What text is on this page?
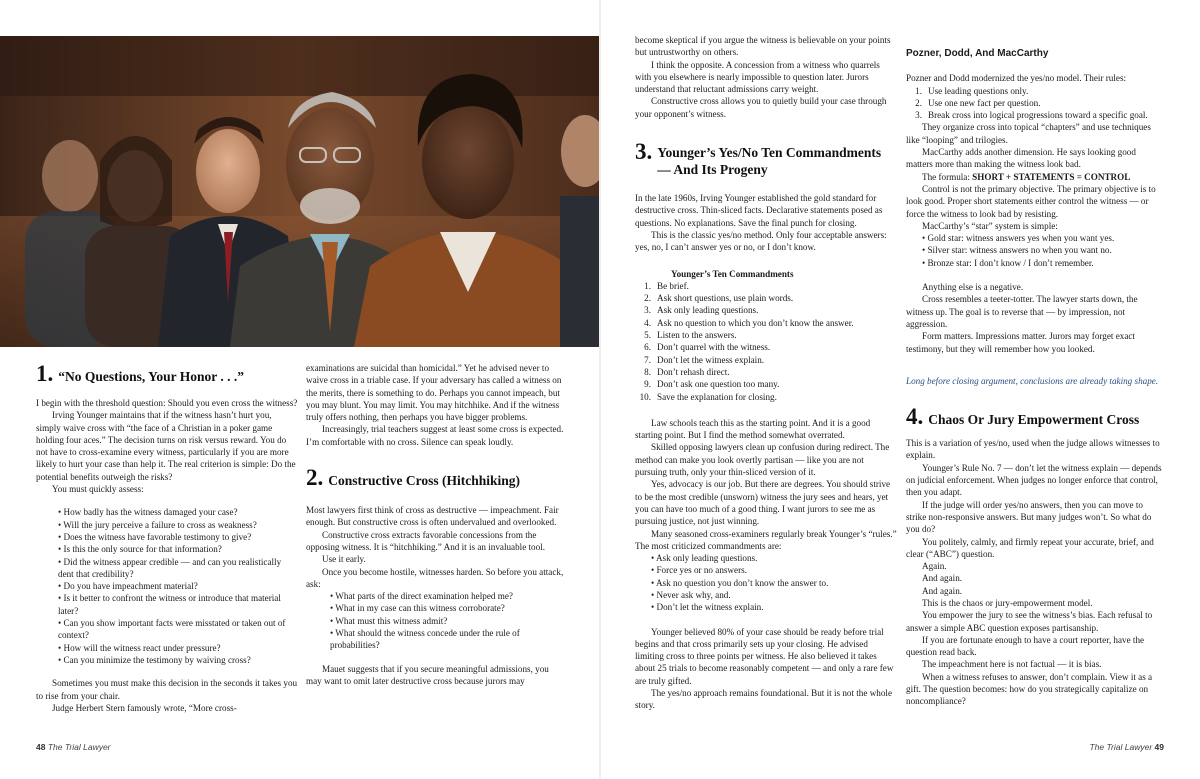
1. “No Questions, Your Honor . . .”

I begin with the threshold question: Should you even cross the witness?

Irving Younger maintains that if the witness hasn’t hurt you, simply waive cross with “the face of a Christian in a poker game holding four aces.” The decision turns on risk versus reward. You do not have to cross-examine every witness, particularly if you are more likely to hurt your case than help it. The real criterion is simple: Do the potential benefits outweigh the risks?

You must quickly assess:

• How badly has the witness damaged your case?
• Will the jury perceive a failure to cross as weakness?
• Does the witness have favorable testimony to give?
• Is this the only source for that information?
• Did the witness appear credible — and can you realistically dent that credibility?
• Do you have impeachment material?
• Is it better to confront the witness or introduce that material later?
• Can you show important facts were misstated or taken out of context?
• How will the witness react under pressure?
• Can you minimize the testimony by waiving cross?

Sometimes you must make this decision in the seconds it takes you to rise from your chair.

Judge Herbert Stern famously wrote, “More cross-

examinations are suicidal than homicidal.” Yet he advised never to waive cross in a triable case. If your adversary has called a witness on the merits, there is something to do. Perhaps you cannot impeach, but you may blunt. You may limit. You may hitchhike. And if the witness truly offers nothing, then perhaps you have bigger problems.

Increasingly, trial teachers suggest at least some cross is expected. I’m comfortable with no cross. Silence can speak loudly.

2. Constructive Cross (Hitchhiking)

Most lawyers first think of cross as destructive — impeachment. Fair enough. But constructive cross is often undervalued and overlooked.

Constructive cross extracts favorable concessions from the opposing witness. It is “hitchhiking.” And it is an invaluable tool.

Use it early.

Once you become hostile, witnesses harden. So before you attack, ask:

• What parts of the direct examination helped me?
• What in my case can this witness corroborate?
• What must this witness admit?
• What should the witness concede under the rule of probabilities?

Mauet suggests that if you secure meaningful admissions, you may want to omit later destructive cross because jurors may

48 The Trial Lawyer

become skeptical if you argue the witness is believable on your points but untrustworthy on others.

I think the opposite. A concession from a witness who quarrels with you elsewhere is nearly impossible to question later. Jurors understand that reluctant admissions carry weight.

Constructive cross allows you to quietly build your case through your opponent’s witness.

3. Younger’s Yes/No Ten Commandments — And Its Progeny

In the late 1960s, Irving Younger established the gold standard for destructive cross. Thin-sliced facts. Declarative statements posed as questions. No explanations. Save the final punch for closing.

This is the classic yes/no method. Only four acceptable answers: yes, no, I can’t answer yes or no, or I don’t know.

Younger’s Ten Commandments

1. Be brief.
2. Ask short questions, use plain words.
3. Ask only leading questions.
4. Ask no question to which you don’t know the answer.
5. Listen to the answers.
6. Don’t quarrel with the witness.
7. Don’t let the witness explain.
8. Don’t rehash direct.
9. Don’t ask one question too many.
10. Save the explanation for closing.

Law schools teach this as the starting point. And it is a good starting point. But I find the method somewhat overrated.

Skilled opposing lawyers clean up confusion during redirect. The method can make you look overtly partisan — like you are not pursuing truth, only your thin-sliced version of it.

Yes, advocacy is our job. But there are degrees. You should strive to be the most credible (unsworn) witness the jury sees and hears, yet you can have too much of a good thing. I want jurors to see me as pursuing justice, not just winning.

Many seasoned cross-examiners regularly break Younger’s “rules.” The most criticized commandments are:

• Ask only leading questions.
• Force yes or no answers.
• Ask no question you don’t know the answer to.
• Never ask why, and.
• Don’t let the witness explain.

Younger believed 80% of your case should be ready before trial begins and that cross primarily sets up your closing. He advised limiting cross to three points per witness. He also believed it takes about 25 trials to become reasonably competent — and only a rare few are truly gifted.

The yes/no approach remains foundational. But it is not the whole story.

Pozner, Dodd, And MacCarthy

Pozner and Dodd modernized the yes/no model. Their rules:

1. Use leading questions only.
2. Use one new fact per question.
3. Break cross into logical progressions toward a specific goal.

They organize cross into topical “chapters” and use techniques like “looping” and trilogies.

MacCarthy adds another dimension. He says looking good matters more than making the witness look bad.

The formula: SHORT + STATEMENTS = CONTROL

Control is not the primary objective. The primary objective is to look good. Proper short statements either control the witness — or force the witness to look bad by resisting.

MacCarthy’s “star” system is simple:

• Gold star: witness answers yes when you want yes.
• Silver star: witness answers no when you want no.
• Bronze star: I don’t know / I don’t remember.

Anything else is a negative.

Cross resembles a teeter-totter. The lawyer starts down, the witness up. The goal is to reverse that — by impression, not aggression.

Form matters. Impressions matter. Jurors may forget exact testimony, but they will remember how you looked.

Long before closing argument, conclusions are already taking shape.

4. Chaos Or Jury Empowerment Cross

This is a variation of yes/no, used when the judge allows witnesses to explain.

Younger’s Rule No. 7 — don’t let the witness explain — depends on judicial enforcement. When judges no longer enforce that control, then you adapt.

If the judge will order yes/no answers, then you can move to strike non-responsive answers. But many judges won’t. So what do you do?

You politely, calmly, and firmly repeat your accurate, brief, and clear (“ABC”) question.

Again.

And again.

And again.

This is the chaos or jury-empowerment model.

You empower the jury to see the witness’s bias. Each refusal to answer a simple ABC question exposes partisanship.

If you are fortunate enough to have a court reporter, have the question read back.

The impeachment here is not factual — it is bias.

When a witness refuses to answer, don’t complain. View it as a gift. The question becomes: how do you strategically capitalize on noncompliance?

The Trial Lawyer 49
